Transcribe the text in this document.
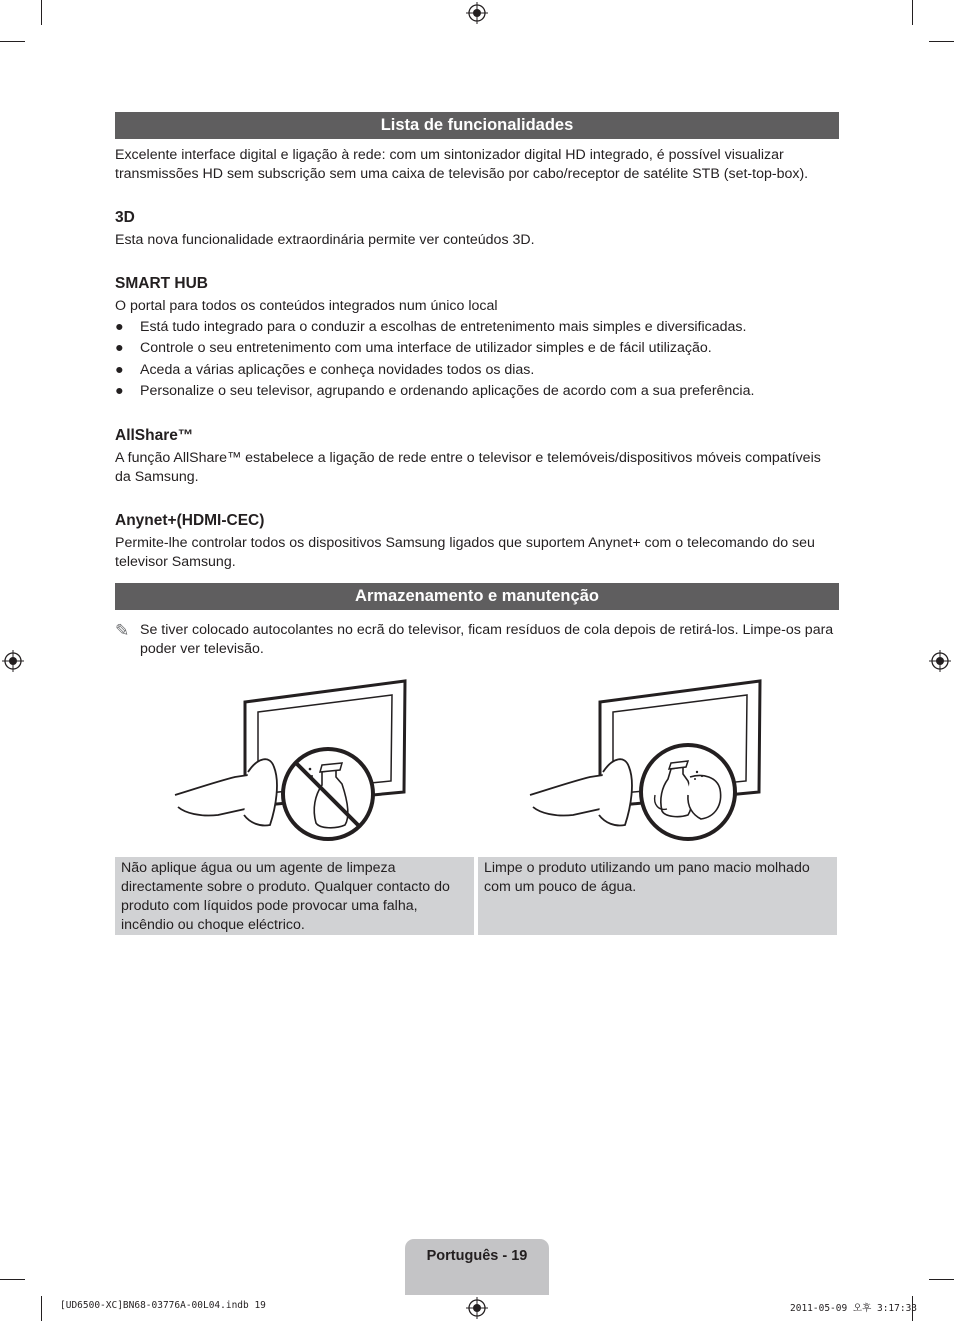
Lista de funcionalidades

Excelente interface digital e ligação à rede: com um sintonizador digital HD integrado, é possível visualizar transmissões HD sem subscrição sem uma caixa de televisão por cabo/receptor de satélite STB (set-top-box).

3D

Esta nova funcionalidade extraordinária permite ver conteúdos 3D.

SMART HUB

O portal para todos os conteúdos integrados num único local

● Está tudo integrado para o conduzir a escolhas de entretenimento mais simples e diversificadas.
● Controle o seu entretenimento com uma interface de utilizador simples e de fácil utilização.
● Aceda a várias aplicações e conheça novidades todos os dias.
● Personalize o seu televisor, agrupando e ordenando aplicações de acordo com a sua preferência.

AllShare™

A função AllShare™ estabelece a ligação de rede entre o televisor e telemóveis/dispositivos móveis compatíveis da Samsung.

Anynet+(HDMI-CEC)

Permite-lhe controlar todos os dispositivos Samsung ligados que suportem Anynet+ com o telecomando do seu televisor Samsung.

Armazenamento e manutenção
✎ Se tiver colocado autocolantes no ecrã do televisor, ficam resíduos de cola depois de retirá-los. Limpe-os para poder ver televisão.
Não aplique água ou um agente de limpeza directamente sobre o produto. Qualquer contacto do produto com líquidos pode provocar uma falha, incêndio ou choque eléctrico.
Limpe o produto utilizando um pano macio molhado com um pouco de água.
Português - 19
[UD6500-XC]BN68-03776A-00L04.indb 19	2011-05-09 오후 3:17:33
